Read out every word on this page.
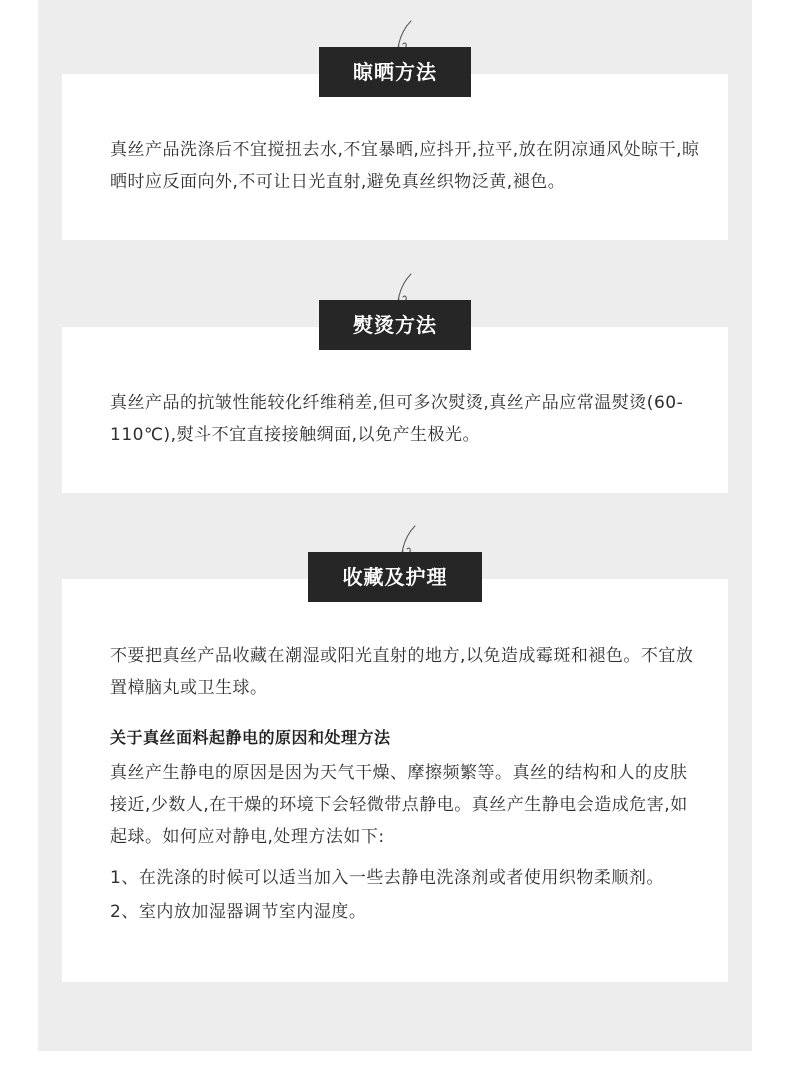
晾晒方法

真丝产品洗涤后不宜搅扭去水,不宜暴晒,应抖开,拉平,放在阴凉通风处晾干,晾晒时应反面向外,不可让日光直射,避免真丝织物泛黄,褪色。

熨烫方法

真丝产品的抗皱性能较化纤维稍差,但可多次熨烫,真丝产品应常温熨烫(60-110℃),熨斗不宜直接接触绸面,以免产生极光。

收藏及护理

不要把真丝产品收藏在潮湿或阳光直射的地方,以免造成霉斑和褪色。不宜放置樟脑丸或卫生球。

关于真丝面料起静电的原因和处理方法

真丝产生静电的原因是因为天气干燥、摩擦频繁等。真丝的结构和人的皮肤接近,少数人,在干燥的环境下会轻微带点静电。真丝产生静电会造成危害,如起球。如何应对静电,处理方法如下:

1、在洗涤的时候可以适当加入一些去静电洗涤剂或者使用织物柔顺剂。

2、室内放加湿器调节室内湿度。
